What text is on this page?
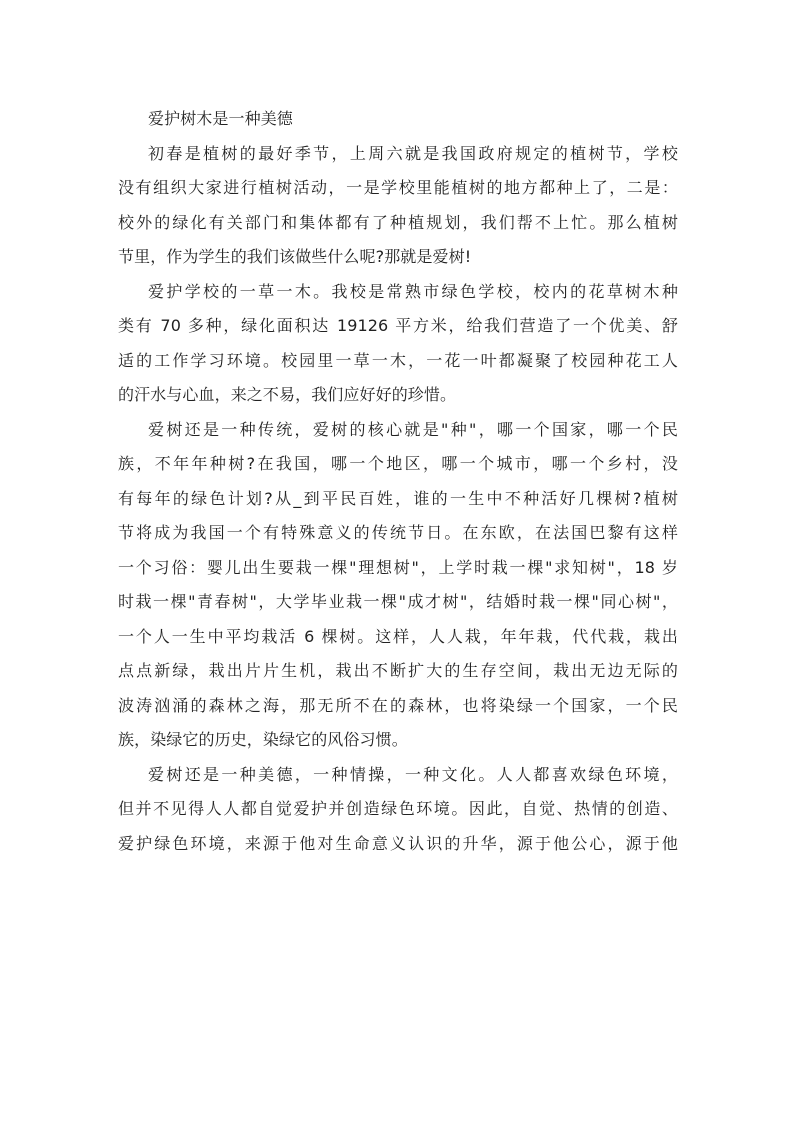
爱护树木是一种美德

初春是植树的最好季节，上周六就是我国政府规定的植树节，学校

没有组织大家进行植树活动，一是学校里能植树的地方都种上了，二是：

校外的绿化有关部门和集体都有了种植规划，我们帮不上忙。那么植树

节里，作为学生的我们该做些什么呢?那就是爱树!

爱护学校的一草一木。我校是常熟市绿色学校，校内的花草树木种

类有 70 多种，绿化面积达 19126 平方米，给我们营造了一个优美、舒

适的工作学习环境。校园里一草一木，一花一叶都凝聚了校园种花工人

的汗水与心血，来之不易，我们应好好的珍惜。

爱树还是一种传统，爱树的核心就是"种"，哪一个国家，哪一个民

族，不年年种树?在我国，哪一个地区，哪一个城市，哪一个乡村，没

有每年的绿色计划?从_到平民百姓，谁的一生中不种活好几棵树?植树

节将成为我国一个有特殊意义的传统节日。在东欧，在法国巴黎有这样

一个习俗：婴儿出生要栽一棵"理想树"，上学时栽一棵"求知树"，18 岁

时栽一棵"青春树"，大学毕业栽一棵"成才树"，结婚时栽一棵"同心树"，

一个人一生中平均栽活 6 棵树。这样，人人栽，年年栽，代代栽，栽出

点点新绿，栽出片片生机，栽出不断扩大的生存空间，栽出无边无际的

波涛汹涌的森林之海，那无所不在的森林，也将染绿一个国家，一个民

族，染绿它的历史，染绿它的风俗习惯。

爱树还是一种美德，一种情操，一种文化。人人都喜欢绿色环境，

但并不见得人人都自觉爱护并创造绿色环境。因此，自觉、热情的创造、

爱护绿色环境，来源于他对生命意义认识的升华，源于他公心，源于他
